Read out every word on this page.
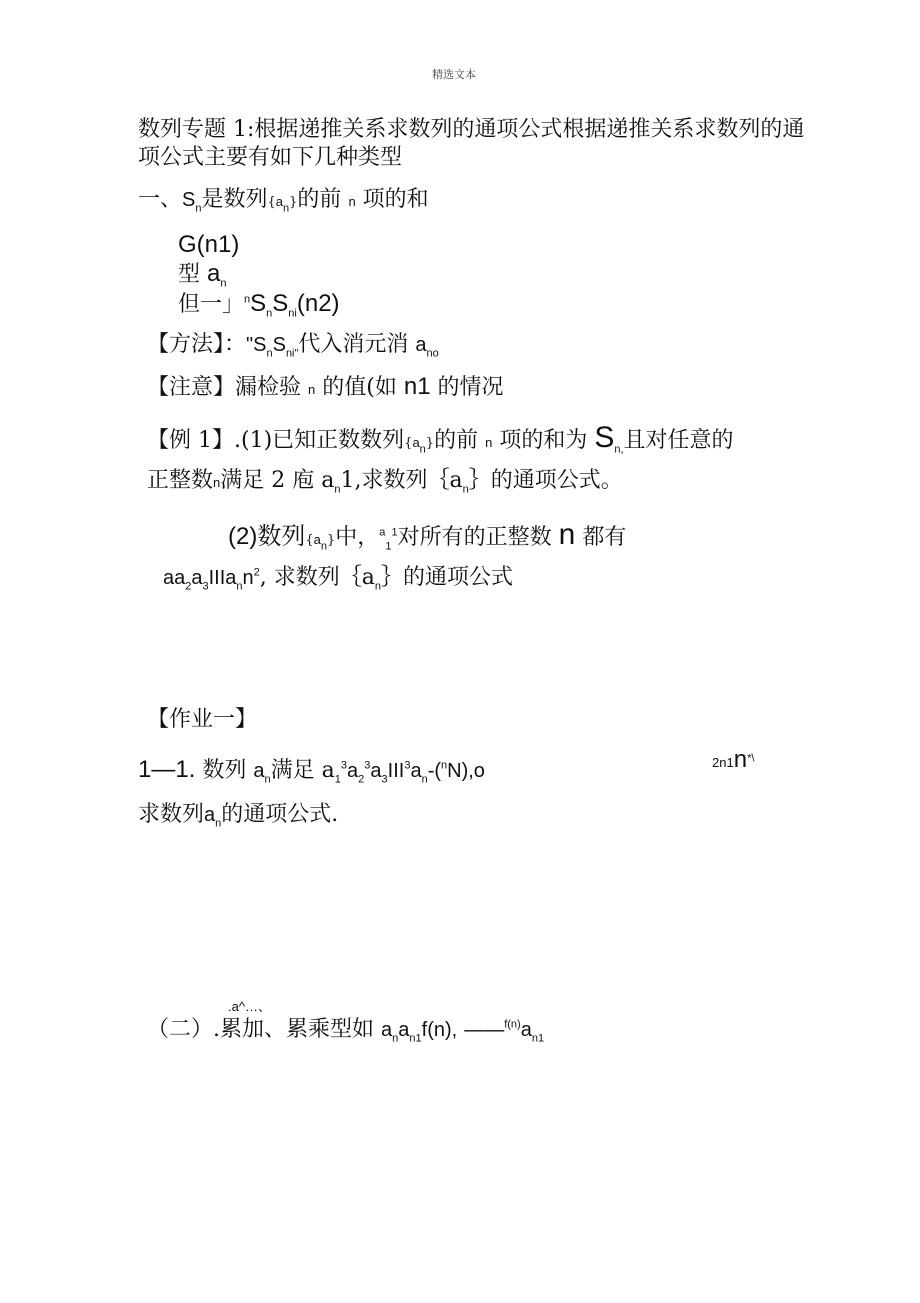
精选文本
数列专题 1:根据递推关系求数列的通项公式根据递推关系求数列的通
项公式主要有如下几种类型
一、$S_n$是数列$\{a_n\}$的前 n 项的和
G(n1)
型 $a_n$
但一」$^nS_nS_{ni}(n2)$
【方法】："$S_nS_{ni"}$代入消元消 $a_{no}$
【注意】漏检验 n 的值(如 n1 的情况
【例 1】.(1)已知正数数列$\{a_n\}$的前 n 项的和为 $S_{n,}$且对任意的
正整数n满足 2 庖 $a_n1$,求数列$\{a_n\}$的通项公式。
(2)数列$\{a_n\}$中，$^a_1^1$对所有的正整数 n 都有
$aa_2a_3IIIa_nn^2$, 求数列$\{a_n\}$的通项公式
【作业一】
1—1. 数列 $a_n$满足 $a_1^3a_2^3a_3III^3a_n-(^nN),o$	2n1n*\
求数列$a_n$的通项公式.
.a^…、
（二）.累加、累乘型如 $a_na_{n1}f(n)$, $——^{f(n)}a_{n1}$
